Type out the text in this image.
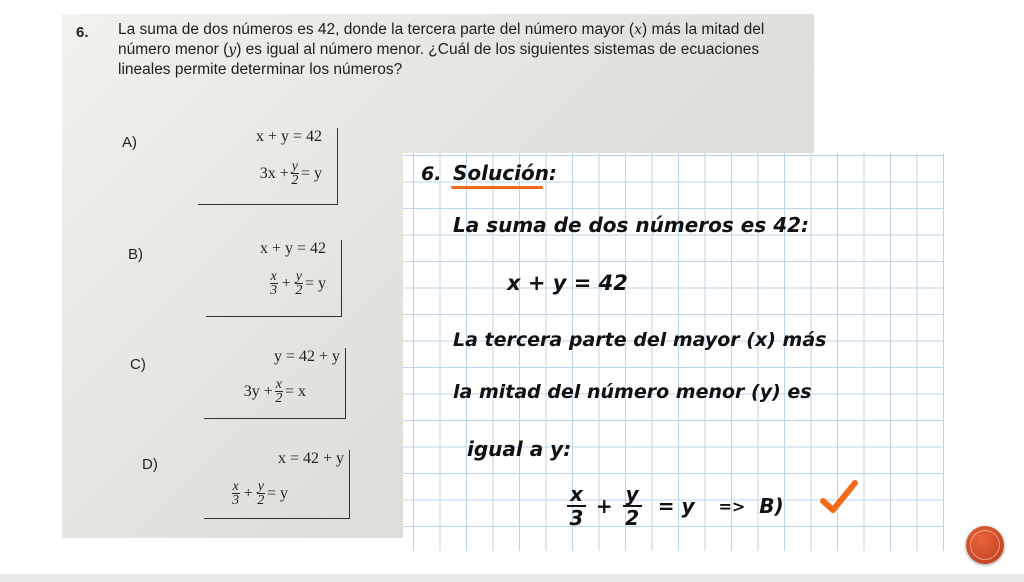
6. La suma de dos números es 42, donde la tercera parte del número mayor (x) más la mitad del número menor (y) es igual al número menor. ¿Cuál de los siguientes sistemas de ecuaciones lineales permite determinar los números?
A)	x + y = 42
$3x + \frac{y}{2} = y$
B)	x + y = 42
$\frac{x}{3} + \frac{y}{2} = y$
C)	y = 42 + y
$3y + \frac{x}{2} = x$
D)	x = 42 + y
$\frac{x}{3} + \frac{y}{2} = y$
6. Solución:
La suma de dos números es 42:
x + y = 42
La tercera parte del mayor (x) más
la mitad del número menor (y) es
igual a y:
$\frac{x}{3} + \frac{y}{2} = y => B$)
